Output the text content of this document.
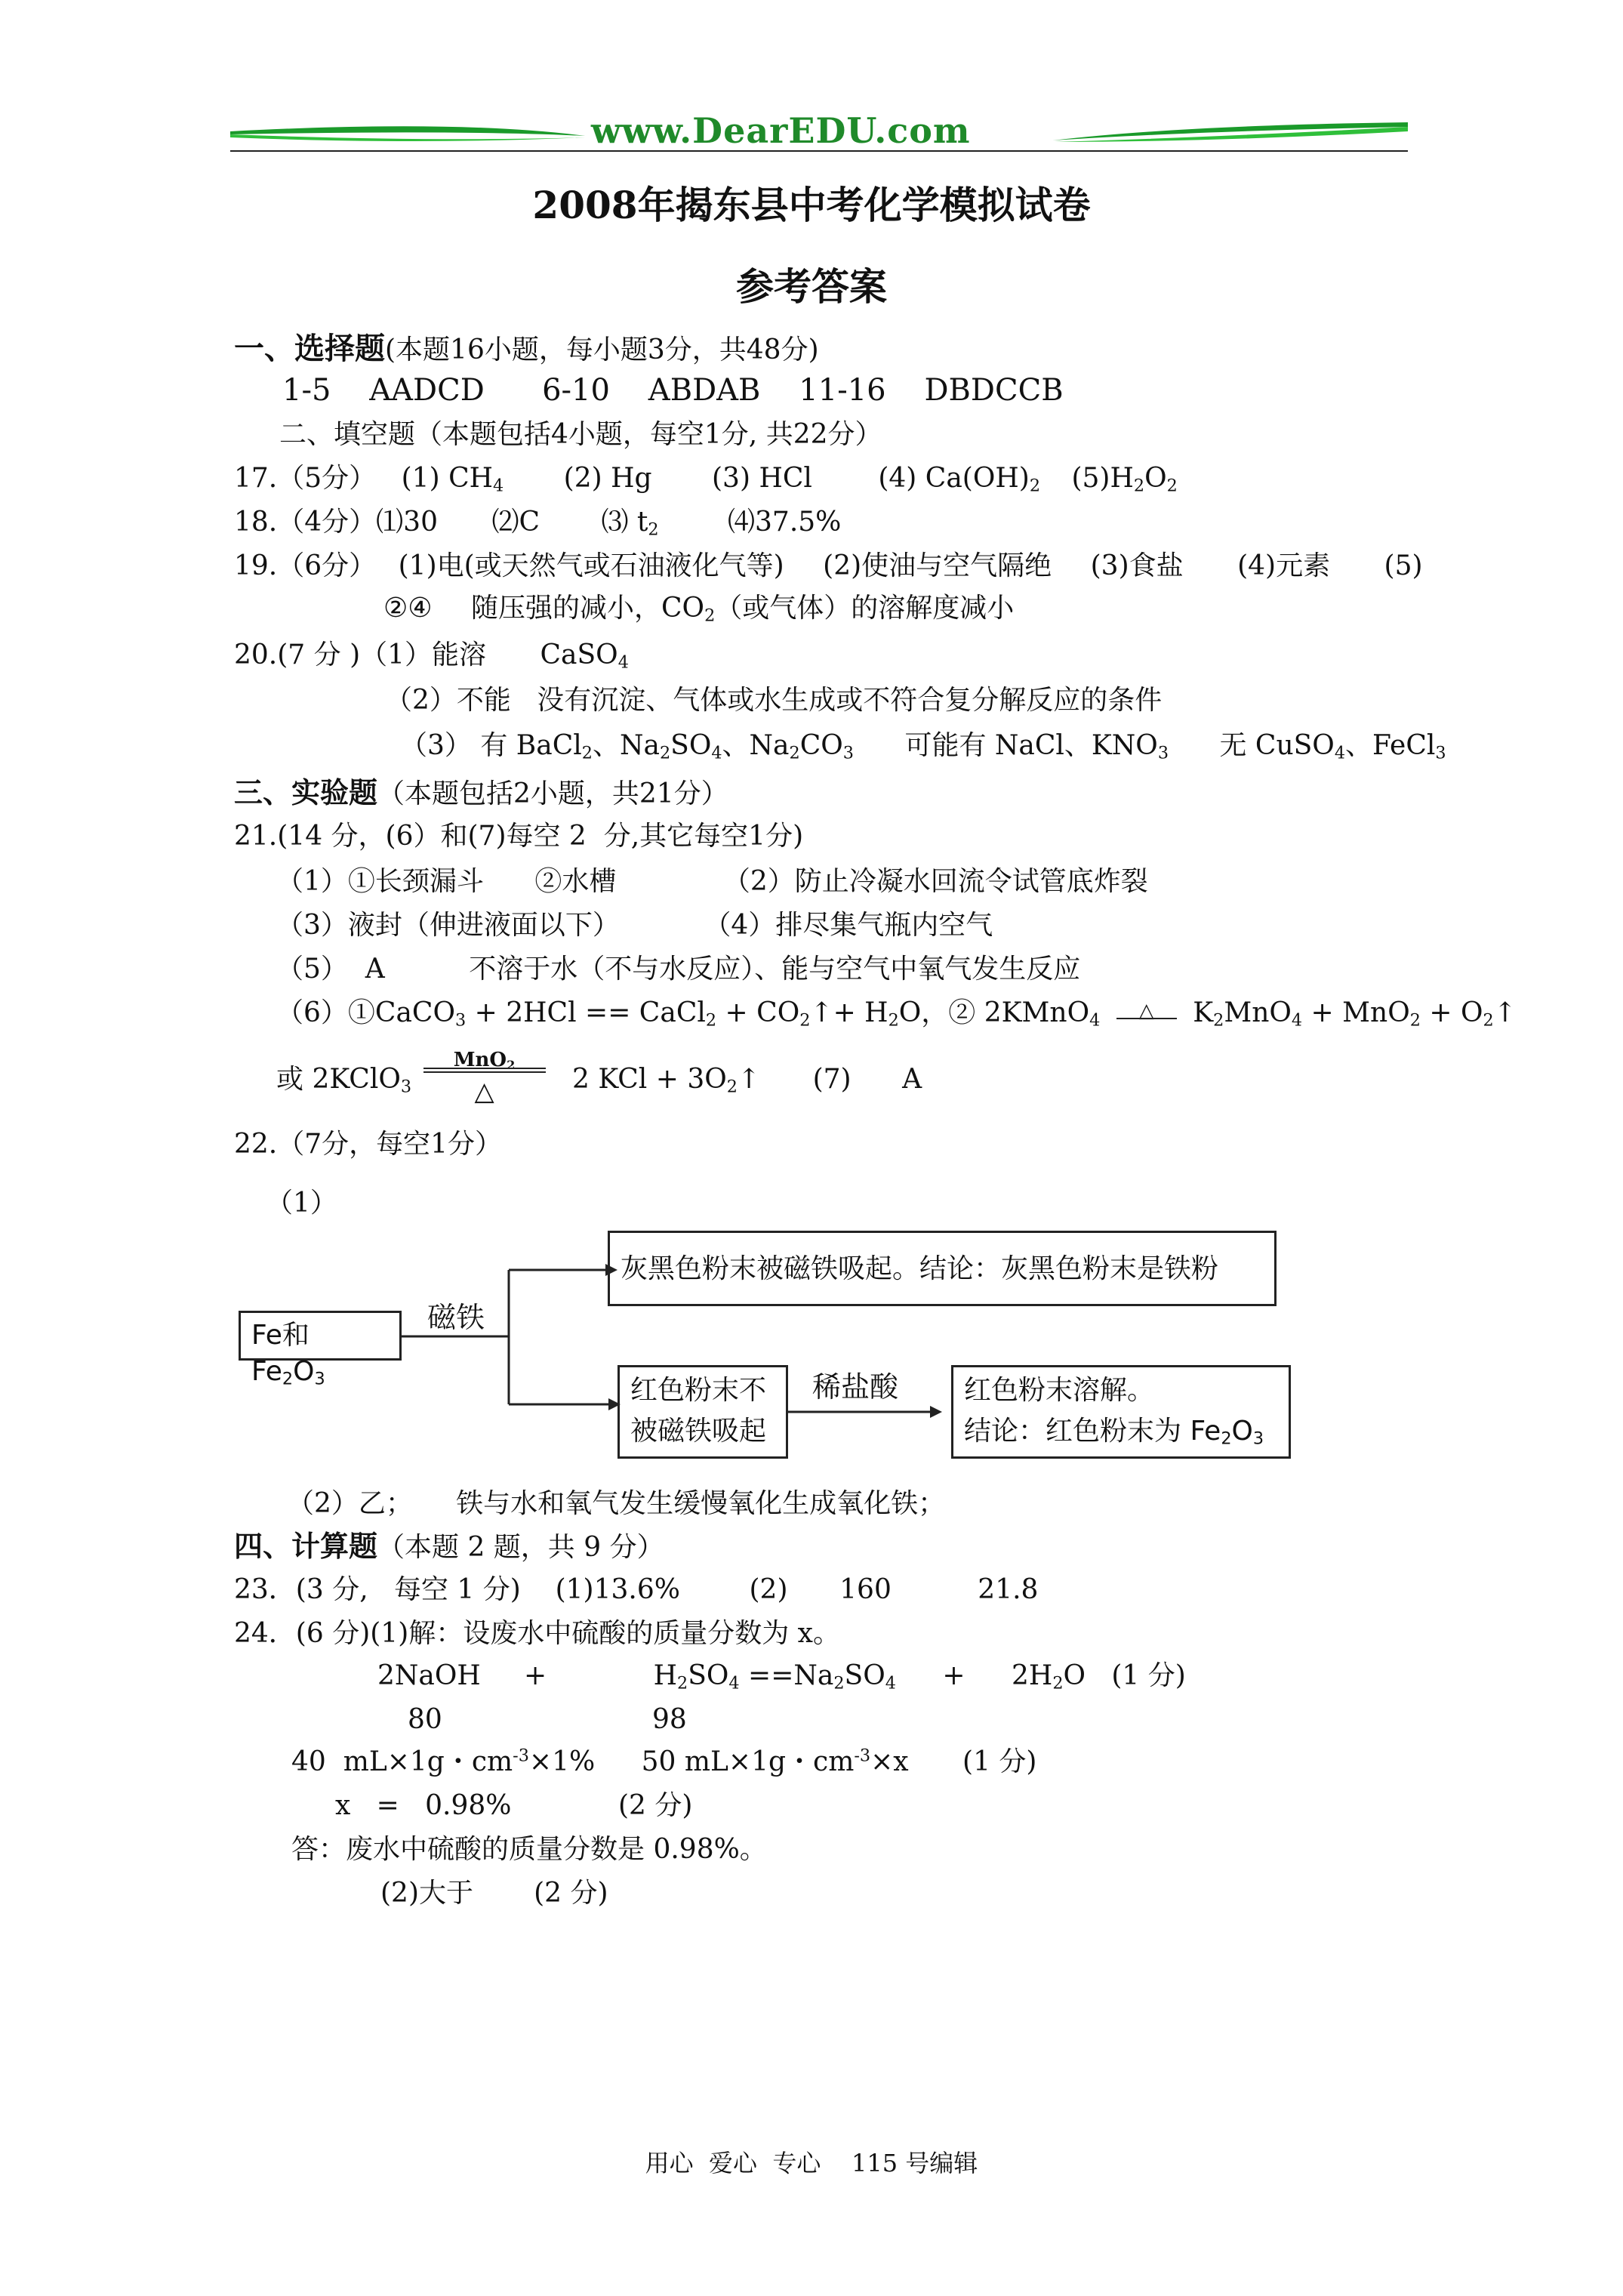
www.DearEDU.com
2008年揭东县中考化学模拟试卷
参考答案
一、选择题(本题16小题，每小题3分，共48分)
1-5    AADCD      6-10    ABDAB    11-16    DBDCCB
二、填空题（本题包括4小题，每空1分, 共22分）
17.（5分） (1) $CH_4$ (2) Hg (3) HCl (4) $Ca(OH)_2$ $(5)H_2O_2$
18.（4分）⑴30 ⑵C ⑶ $t_2$	⑷37.5%
19.（6分） (1)电(或天然气或石油液化气等) (2)使油与空气隔绝 (3)食盐 (4)元素 (5)
②④ 随压强的减小，$CO_2$（或气体）的溶解度减小
20.(7 分 )（1）能溶 CaSO$_4$
（2）不能   没有沉淀、气体或水生成或不符合复分解反应的条件
（3） 有 BaCl$_2$、$Na_2SO_4$、$Na_2CO_3$ 可能有 NaCl、$KNO_3$ 无 CuSO$_4$、FeCl$_3$
三、实验题（本题包括2小题，共21分）
21.(14 分，(6）和(7)每空 2  分,其它每空1分)
（1）①长颈漏斗 ②水槽	（2）防止冷凝水回流令试管底炸裂
（3）液封（伸进液面以下）	（4）排尽集气瓶内空气
（5）  A	不溶于水（不与水反应）、能与空气中氧气发生反应
（6）①CaCO$_3$ + 2HCl == CaCl$_2$ + $CO_2↑+ H_2O$，② 2KMnO$_4$ △ $K_2MnO_4 + MnO_2$ + $O_2↑$
或 2KClO$_3$
MnO$_2$
△	2 KCl + $3O_2↑$ (7) A
22.（7分，每空1分）
（1）
Fe和 $Fe_2O_3$
磁铁
灰黑色粉末被磁铁吸起。结论：灰黑色粉末是铁粉
红色粉末不
被磁铁吸起
稀盐酸 红色粉末溶解。
结论：红色粉末为 $Fe_2O_3$
（2）乙；     铁与水和氧气发生缓慢氧化生成氧化铁；
四、计算题（本题 2 题，共 9 分）
23．(3 分,   每空 1 分)    (1)13.6%        (2)      160          21.8
24．(6 分)(1)解：设废水中硫酸的质量分数为 x。
2NaOH     +	$H_2SO_4 ==Na_2SO_4 + 2H_2O$   (1 分)
80	98
40  mL×1g・$cm^{-3}\times 1\%$ 50 mL×1g・$cm^{-3}\times x$ (1 分)
x   =   0.98%	(2 分)
答：废水中硫酸的质量分数是 0.98%。
(2)大于       (2 分)
用心  爱心  专心    115 号编辑
